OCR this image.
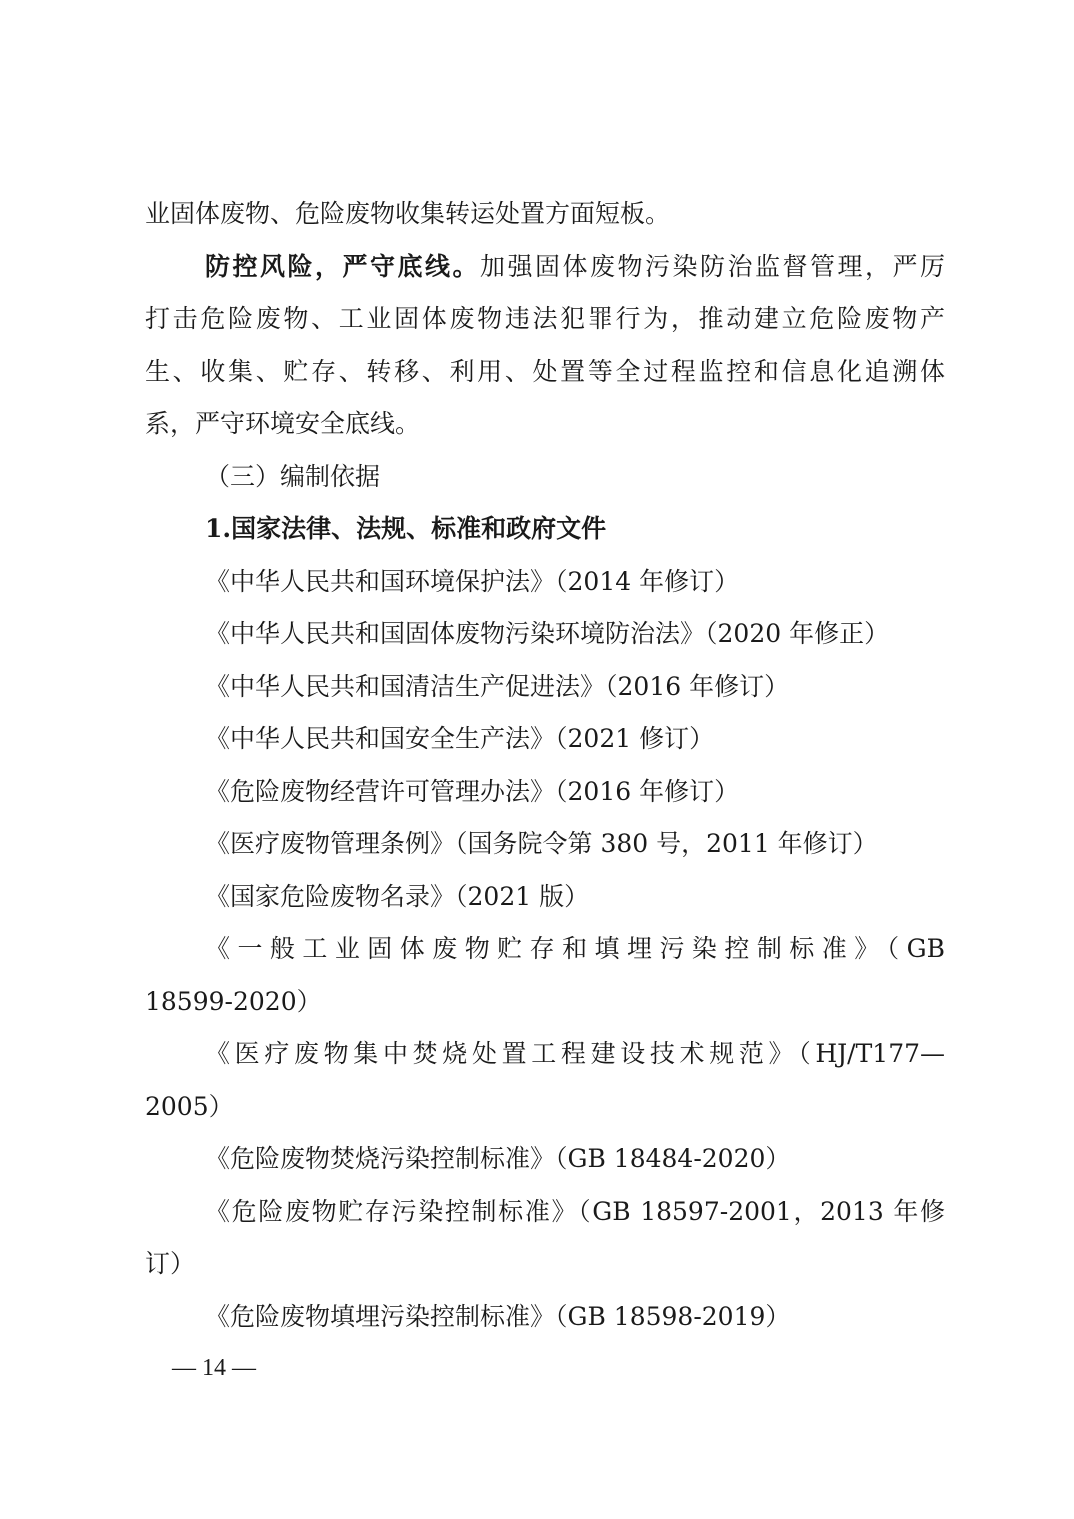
业固体废物、危险废物收集转运处置方面短板。
防控风险，严守底线。加强固体废物污染防治监督管理，严厉
打击危险废物、工业固体废物违法犯罪行为，推动建立危险废物产
生、收集、贮存、转移、利用、处置等全过程监控和信息化追溯体
系，严守环境安全底线。
（三）编制依据
1.国家法律、法规、标准和政府文件
《中华人民共和国环境保护法》（2014 年修订）
《中华人民共和国固体废物污染环境防治法》（2020 年修正）
《中华人民共和国清洁生产促进法》（2016 年修订）
《中华人民共和国安全生产法》（2021 修订）
《危险废物经营许可管理办法》（2016 年修订）
《医疗废物管理条例》（国务院令第 380 号，2011 年修订）
《国家危险废物名录》（2021 版）
《一般工业固体废物贮存和填埋污染控制标准》（GB
18599-2020）
《医疗废物集中焚烧处置工程建设技术规范》（HJ/T177—
2005）
《危险废物焚烧污染控制标准》（GB 18484-2020）
《危险废物贮存污染控制标准》（GB 18597-2001，2013 年修
订）
《危险废物填埋污染控制标准》（GB 18598-2019）
— 14 —
